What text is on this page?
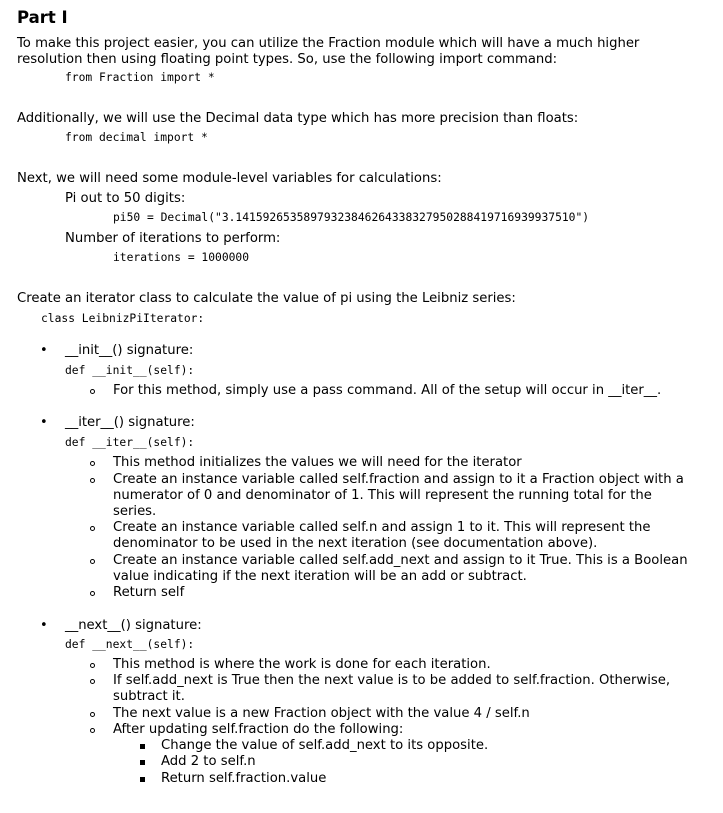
Part I
To make this project easier, you can utilize the Fraction module which will have a much higher
resolution then using floating point types. So, use the following import command:
from Fraction import *
Additionally, we will use the Decimal data type which has more precision than floats:
from decimal import *
Next, we will need some module-level variables for calculations:
Pi out to 50 digits:
pi50 = Decimal("3.14159265358979323846264338327950288419716939937510")
Number of iterations to perform:
iterations = 1000000
Create an iterator class to calculate the value of pi using the Leibniz series:
class LeibnizPiIterator:
• __init__() signature:
def __init__(self):
For this method, simply use a pass command. All of the setup will occur in __iter__.
• __iter__() signature:
def __iter__(self):
This method initializes the values we will need for the iterator
Create an instance variable called self.fraction and assign to it a Fraction object with a
numerator of 0 and denominator of 1. This will represent the running total for the
series.
Create an instance variable called self.n and assign 1 to it. This will represent the
denominator to be used in the next iteration (see documentation above).
Create an instance variable called self.add_next and assign to it True. This is a Boolean
value indicating if the next iteration will be an add or subtract.
Return self
• __next__() signature:
def __next__(self):
This method is where the work is done for each iteration.
If self.add_next is True then the next value is to be added to self.fraction. Otherwise,
subtract it.
The next value is a new Fraction object with the value 4 / self.n
After updating self.fraction do the following:
Change the value of self.add_next to its opposite.
Add 2 to self.n
Return self.fraction.value
